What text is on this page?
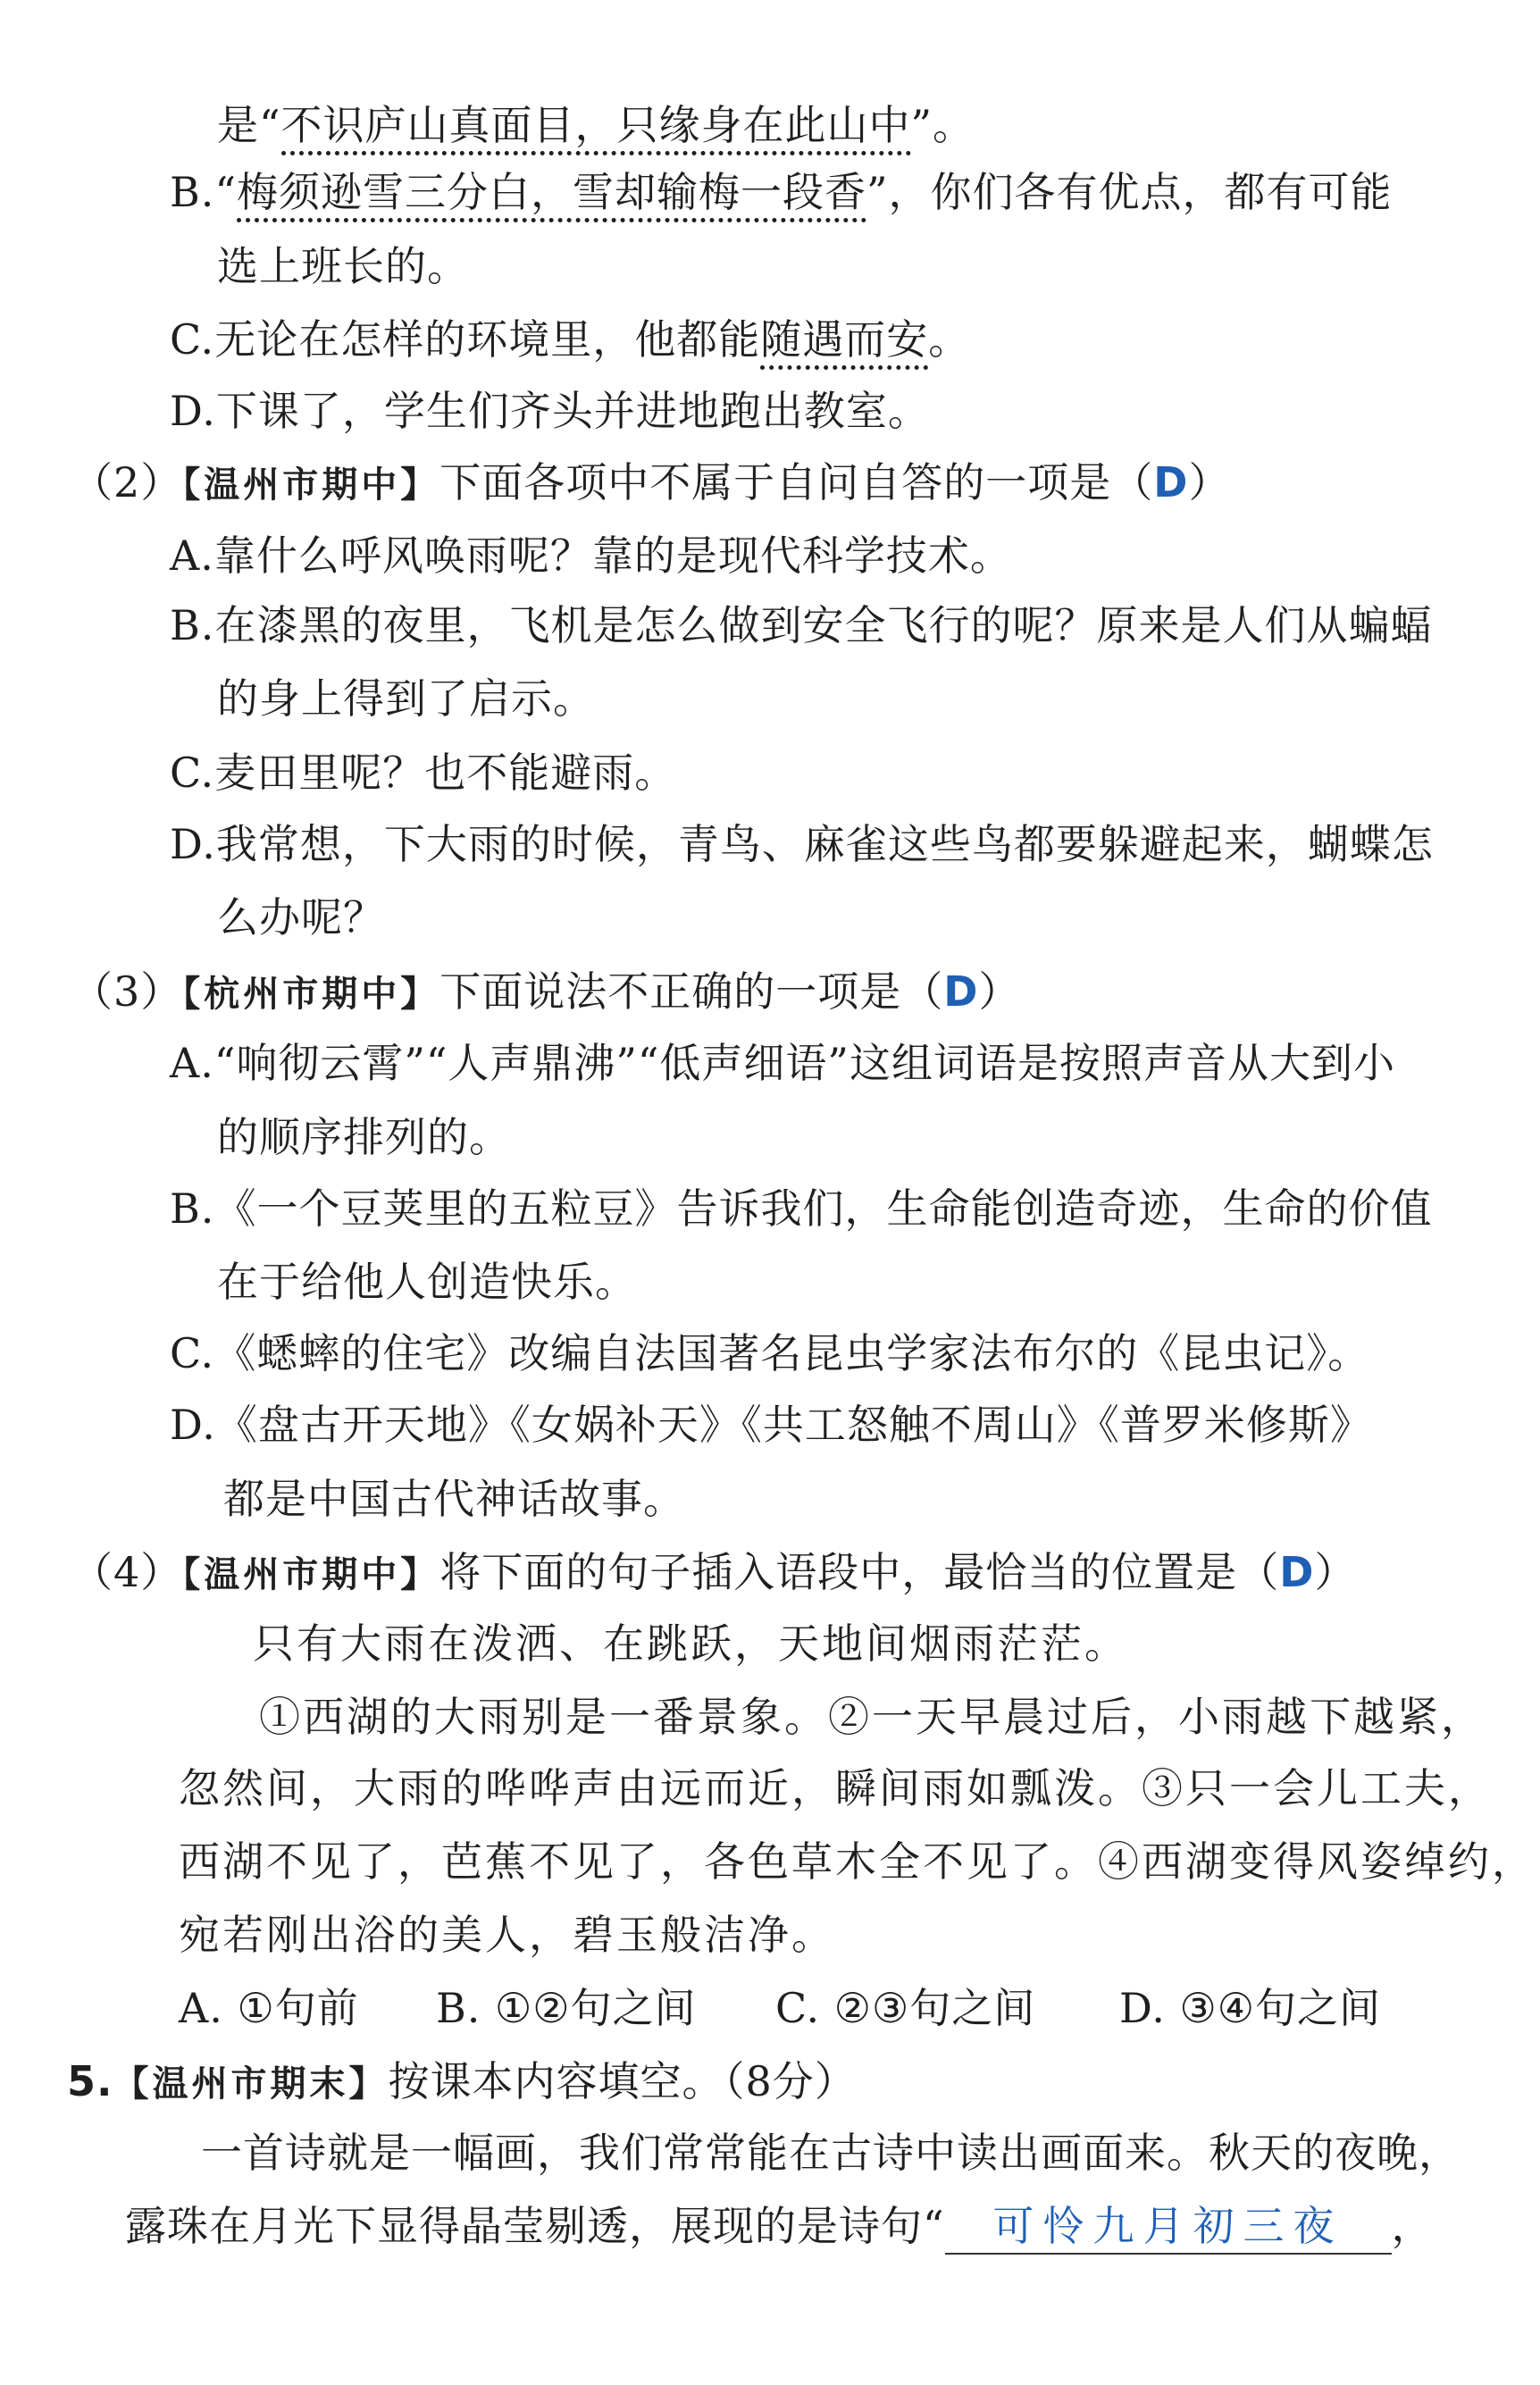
是“不识庐山真面目，只缘身在此山中”。
B.“梅须逊雪三分白，雪却输梅一段香”，你们各有优点，都有可能
选上班长的。
C.无论在怎样的环境里，他都能随遇而安。
D.下课了，学生们齐头并进地跑出教室。
（2）【温州市期中】下面各项中不属于自问自答的一项是（D）
A.靠什么呼风唤雨呢？靠的是现代科学技术。
B.在漆黑的夜里，飞机是怎么做到安全飞行的呢？原来是人们从蝙蝠
的身上得到了启示。
C.麦田里呢？也不能避雨。
D.我常想，下大雨的时候，青鸟、麻雀这些鸟都要躲避起来，蝴蝶怎
么办呢？
（3）【杭州市期中】下面说法不正确的一项是（D）
A.“响彻云霄”“人声鼎沸”“低声细语”这组词语是按照声音从大到小
的顺序排列的。
B.《一个豆荚里的五粒豆》告诉我们，生命能创造奇迹，生命的价值
在于给他人创造快乐。
C.《蟋蟀的住宅》改编自法国著名昆虫学家法布尔的《昆虫记》。
D.《盘古开天地》《女娲补天》《共工怒触不周山》《普罗米修斯》
都是中国古代神话故事。
（4）【温州市期中】将下面的句子插入语段中，最恰当的位置是（D）
只有大雨在泼洒、在跳跃，天地间烟雨茫茫。
①西湖的大雨别是一番景象。②一天早晨过后，小雨越下越紧，
忽然间，大雨的哗哗声由远而近，瞬间雨如瓢泼。③只一会儿工夫，
西湖不见了，芭蕉不见了，各色草木全不见了。④西湖变得风姿绰约，
宛若刚出浴的美人，碧玉般洁净。
A. ①句前 B. ①②句之间 C. ②③句之间 D. ③④句之间
5.【温州市期末】按课本内容填空。（8分）
一首诗就是一幅画，我们常常能在古诗中读出画面来。秋天的夜晚，
露珠在月光下显得晶莹剔透，展现的是诗句“ 可怜九月初三夜 ，
